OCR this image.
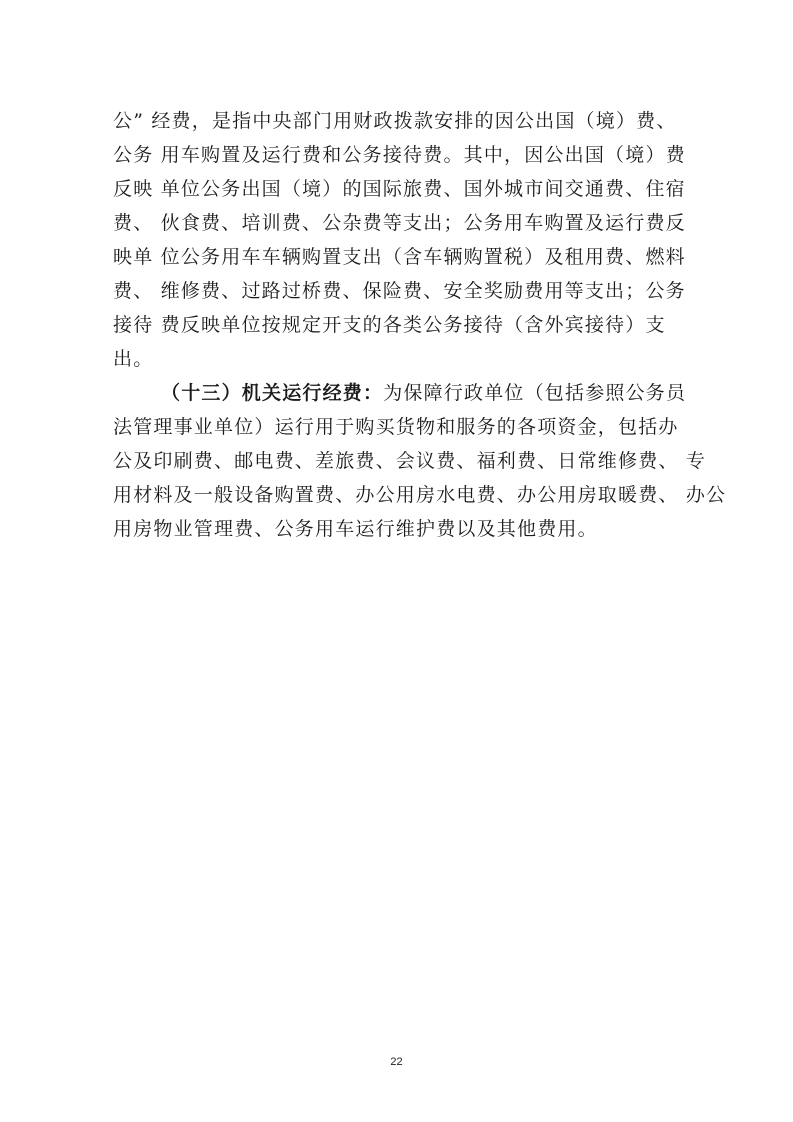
公” 经费，是指中央部门用财政拨款安排的因公出国（境）费、
公务 用车购置及运行费和公务接待费。其中，因公出国（境）费
反映 单位公务出国（境）的国际旅费、国外城市间交通费、住宿
费、 伙食费、培训费、公杂费等支出；公务用车购置及运行费反
映单 位公务用车车辆购置支出（含车辆购置税）及租用费、燃料
费、 维修费、过路过桥费、保险费、安全奖励费用等支出；公务
接待 费反映单位按规定开支的各类公务接待（含外宾接待）支
出。
（十三）机关运行经费：为保障行政单位（包括参照公务员
法管理事业单位）运行用于购买货物和服务的各项资金，包括办
公及印刷费、邮电费、差旅费、会议费、福利费、日常维修费、 专
用材料及一般设备购置费、办公用房水电费、办公用房取暖费、 办公
用房物业管理费、公务用车运行维护费以及其他费用。
22
